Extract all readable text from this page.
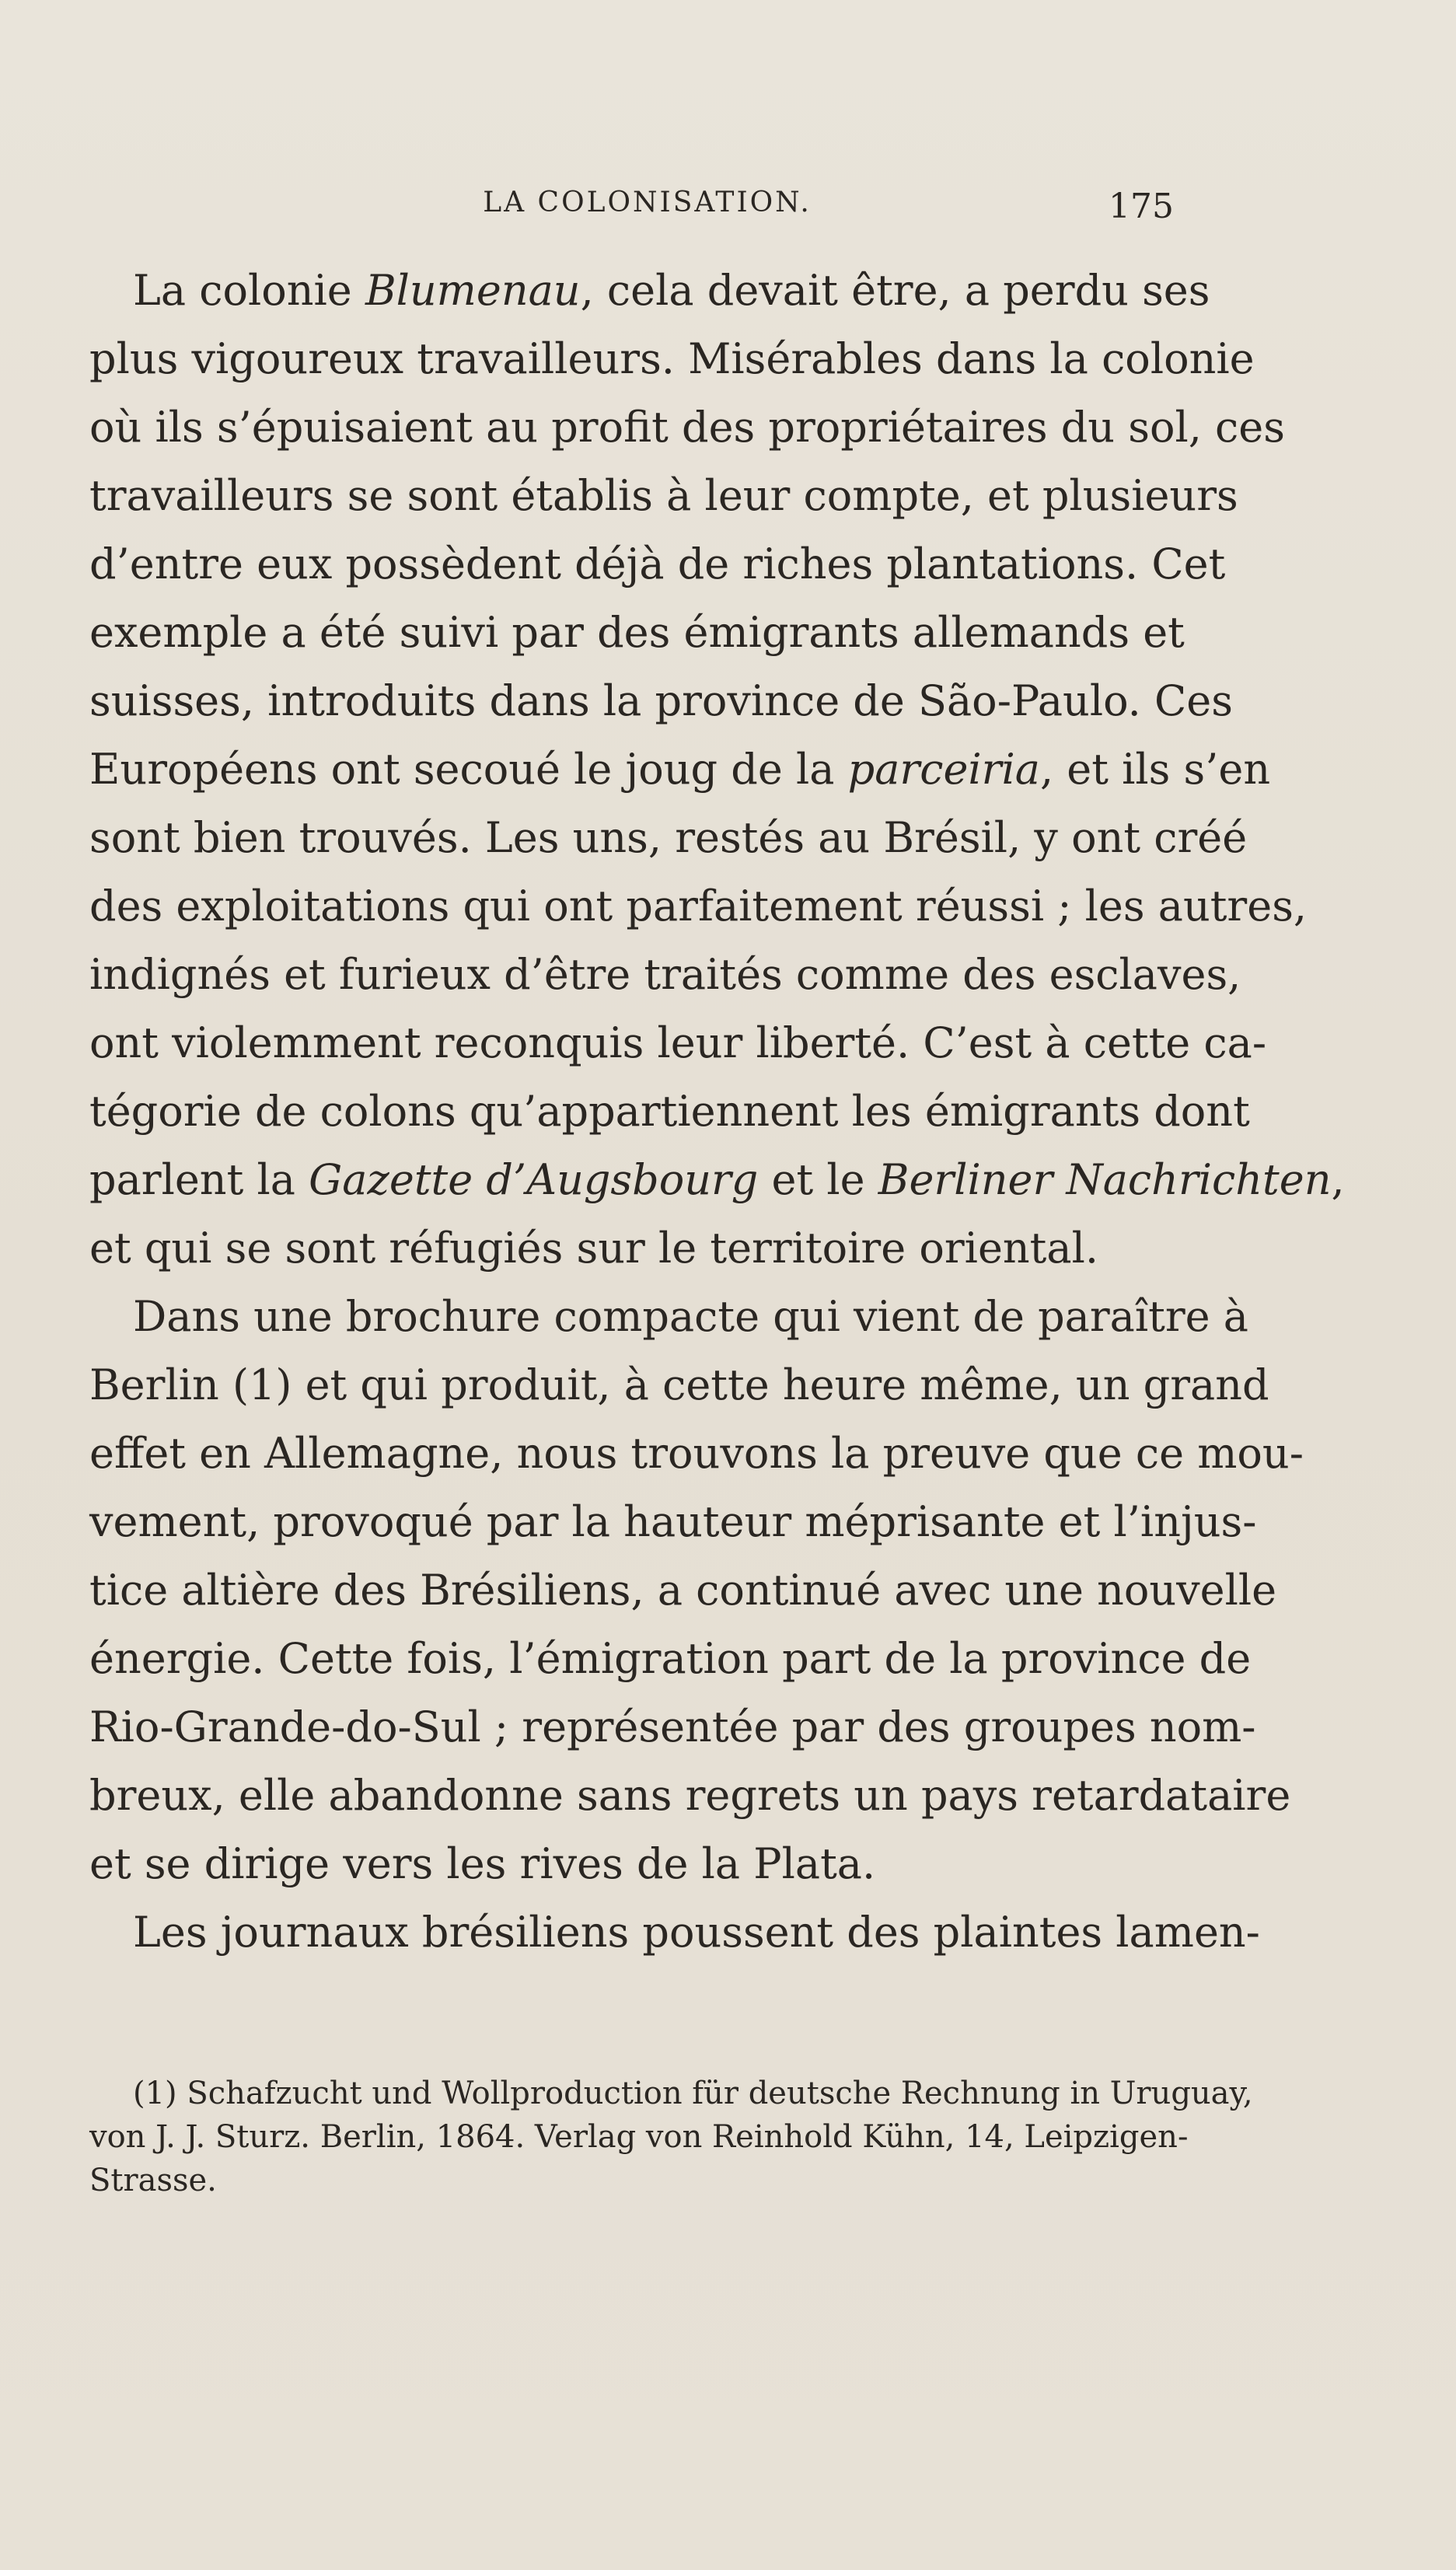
LA COLONISATION.	175

La colonie Blumenau, cela devait être, a perdu ses
plus vigoureux travailleurs. Misérables dans la colonie
où ils s’épuisaient au profit des propriétaires du sol, ces
travailleurs se sont établis à leur compte, et plusieurs
d’entre eux possèdent déjà de riches plantations. Cet
exemple a été suivi par des émigrants allemands et
suisses, introduits dans la province de São-Paulo. Ces
Européens ont secoué le joug de la parceiria, et ils s’en
sont bien trouvés. Les uns, restés au Brésil, y ont créé
des exploitations qui ont parfaitement réussi ; les autres,
indignés et furieux d’être traités comme des esclaves,
ont violemment reconquis leur liberté. C’est à cette ca-
tégorie de colons qu’appartiennent les émigrants dont
parlent la Gazette d’Augsbourg et le Berliner Nachrichten,
et qui se sont réfugiés sur le territoire oriental.

Dans une brochure compacte qui vient de paraître à
Berlin (1) et qui produit, à cette heure même, un grand
effet en Allemagne, nous trouvons la preuve que ce mou-
vement, provoqué par la hauteur méprisante et l’injus-
tice altière des Brésiliens, a continué avec une nouvelle
énergie. Cette fois, l’émigration part de la province de
Rio-Grande-do-Sul ; représentée par des groupes nom-
breux, elle abandonne sans regrets un pays retardataire
et se dirige vers les rives de la Plata.

Les journaux brésiliens poussent des plaintes lamen-

(1) Schafzucht und Wollproduction für deutsche Rechnung in Uruguay,
von J. J. Sturz. Berlin, 1864. Verlag von Reinhold Kühn, 14, Leipzigen-
Strasse.
